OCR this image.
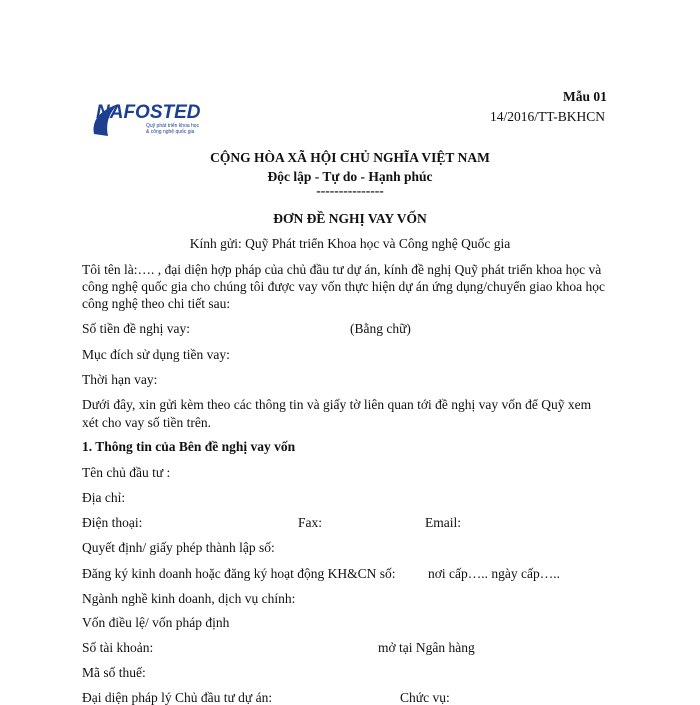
NAFOSTED
Quỹ phát triển khoa học
& công nghệ quốc gia
Mẫu 01
14/2016/TT-BKHCN
CỘNG HÒA XÃ HỘI CHỦ NGHĨA VIỆT NAM
Độc lập - Tự do - Hạnh phúc
---------------
ĐƠN ĐỀ NGHỊ VAY VỐN
Kính gửi: Quỹ Phát triển Khoa học và Công nghệ Quốc gia
Tôi tên là:…. , đại diện hợp pháp của chủ đầu tư dự án, kính đề nghị Quỹ phát triển khoa học và
công nghệ quốc gia cho chúng tôi được vay vốn thực hiện dự án ứng dụng/chuyển giao khoa học
công nghệ theo chi tiết sau:
Số tiền đề nghị vay:	(Bằng chữ)
Mục đích sử dụng tiền vay:
Thời hạn vay:
Dưới đây, xin gửi kèm theo các thông tin và giấy tờ liên quan tới đề nghị vay vốn để Quỹ xem
xét cho vay số tiền trên.
1. Thông tin của Bên đề nghị vay vốn
Tên chủ đầu tư :
Địa chỉ:
Điện thoại:	Fax:	Email:
Quyết định/ giấy phép thành lập số:
Đăng ký kinh doanh hoặc đăng ký hoạt động KH&CN số: nơi cấp….. ngày cấp…..
Ngành nghề kinh doanh, dịch vụ chính:
Vốn điều lệ/ vốn pháp định
Số tài khoản:	mở tại Ngân hàng
Mã số thuế:
Đại diện pháp lý Chủ đầu tư dự án:	Chức vụ:
